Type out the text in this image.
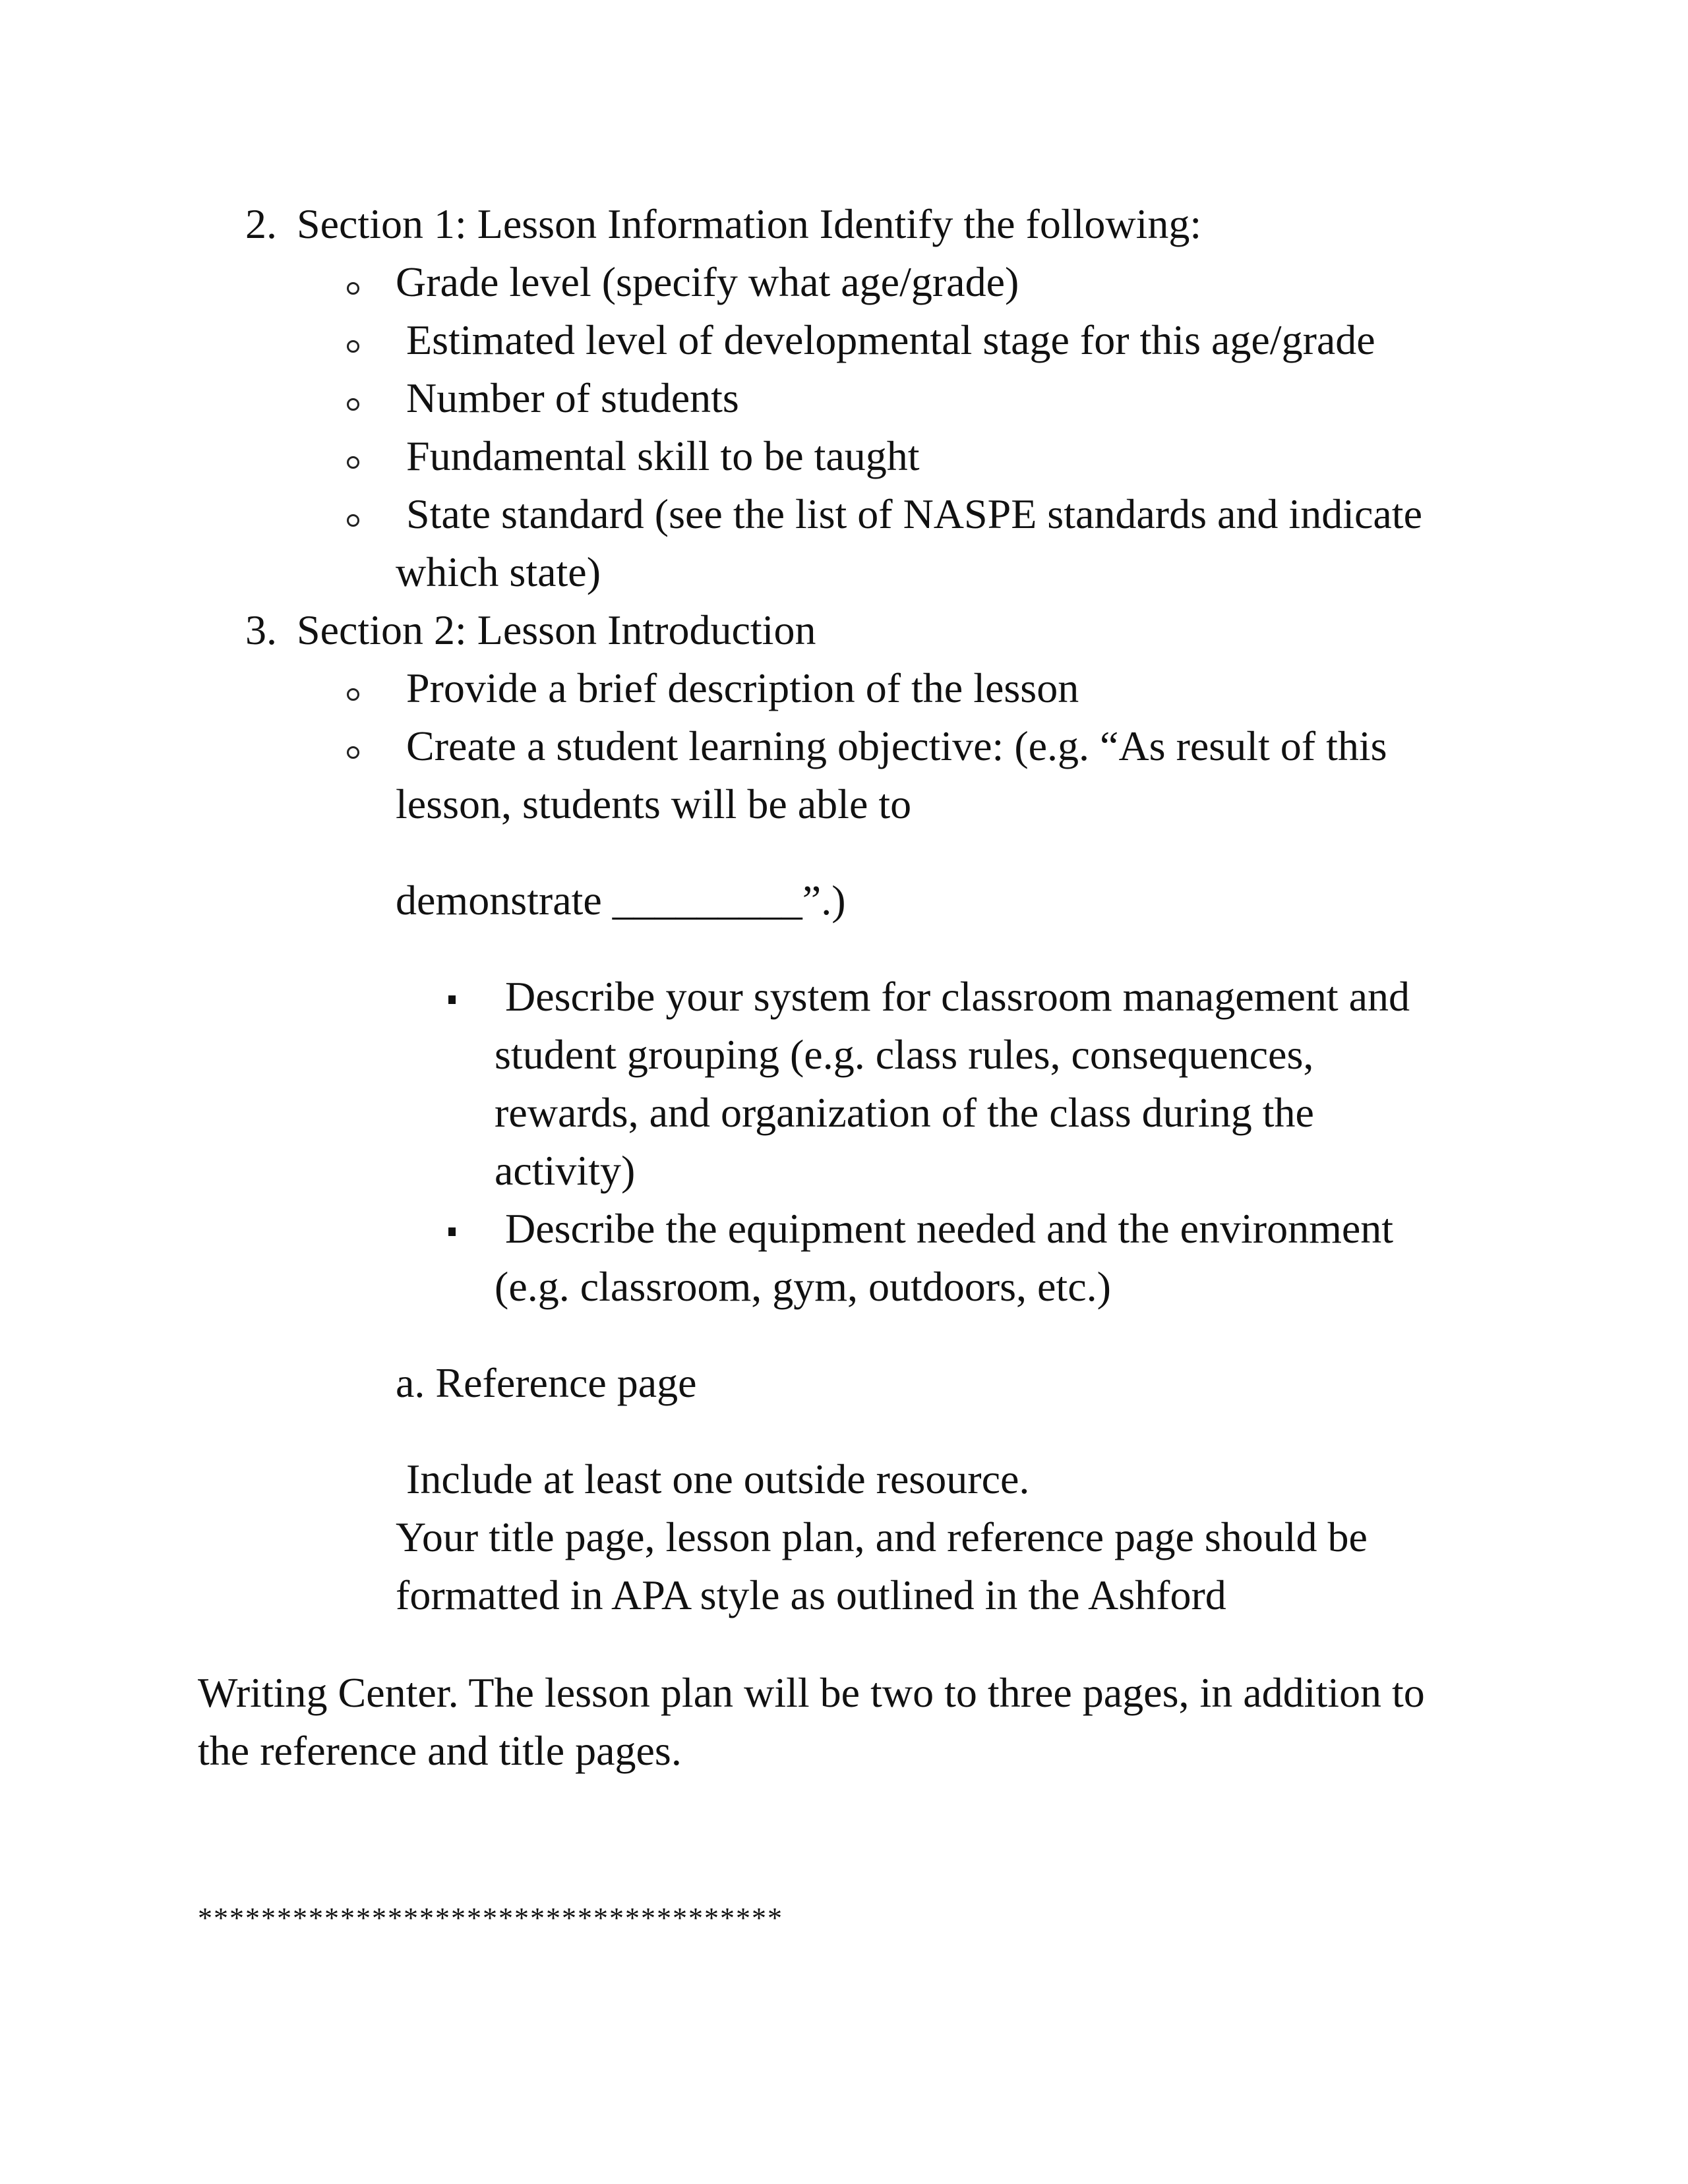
2. Section 1: Lesson Information Identify the following:
Grade level (specify what age/grade)
Estimated level of developmental stage for this age/grade
Number of students
Fundamental skill to be taught
State standard (see the list of NASPE standards and indicate
which state)
3. Section 2: Lesson Introduction
Provide a brief description of the lesson
Create a student learning objective: (e.g. “As result of this
lesson, students will be able to
demonstrate _________”.)
Describe your system for classroom management and
student grouping (e.g. class rules, consequences,
rewards, and organization of the class during the
activity)
Describe the equipment needed and the environment
(e.g. classroom, gym, outdoors, etc.)
a. Reference page
Include at least one outside resource.
Your title page, lesson plan, and reference page should be
formatted in APA style as outlined in the Ashford
Writing Center. The lesson plan will be two to three pages, in addition to
the reference and title pages.
*************************************
